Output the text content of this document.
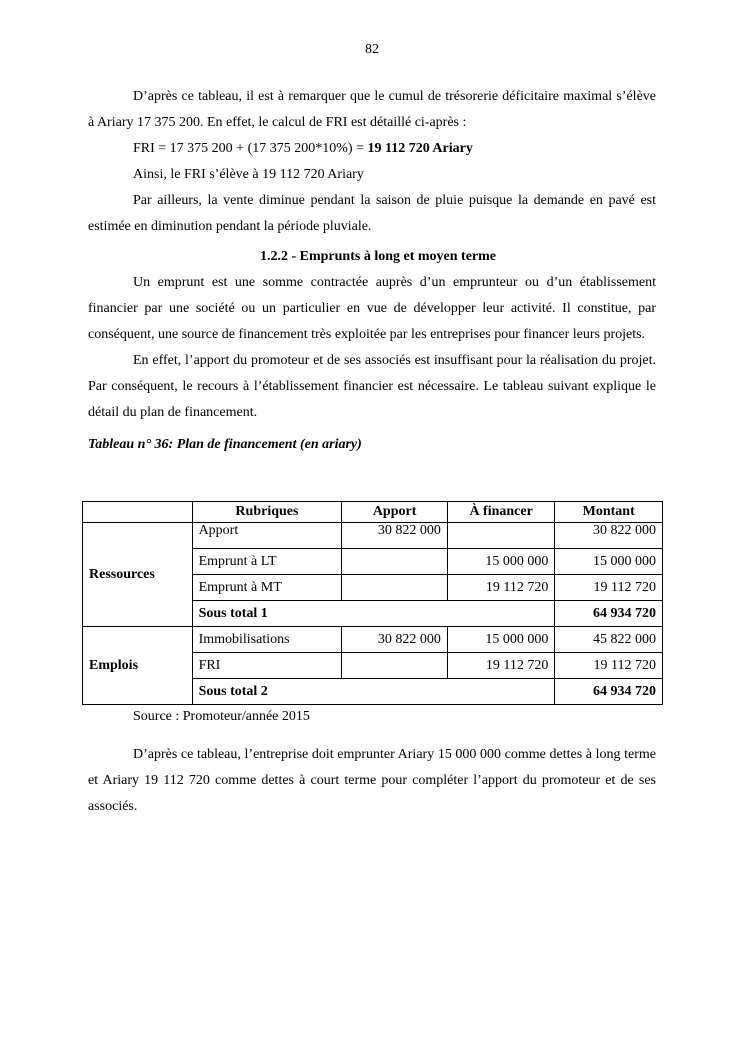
82

D’après ce tableau, il est à remarquer que le cumul de trésorerie déficitaire maximal s’élève à Ariary 17 375 200. En effet, le calcul de FRI est détaillé ci-après :

FRI = 17 375 200 + (17 375 200*10%) = 19 112 720 Ariary

Ainsi, le FRI s’élève à 19 112 720 Ariary

Par ailleurs, la vente diminue pendant la saison de pluie puisque la demande en pavé est estimée en diminution pendant la période pluviale.

1.2.2 - Emprunts à long et moyen terme

Un emprunt est une somme contractée auprès d’un emprunteur ou d’un établissement financier par une société ou un particulier en vue de développer leur activité. Il constitue, par conséquent, une source de financement très exploitée par les entreprises pour financer leurs projets.

En effet, l’apport du promoteur et de ses associés est insuffisant pour la réalisation du projet. Par conséquent, le recours à l’établissement financier est nécessaire. Le tableau suivant explique le détail du plan de financement.

Tableau n° 36: Plan de financement (en ariary)
	Rubriques	Apport	À financer	Montant
Ressources	Apport	30 822 000		30 822 000
	Emprunt à LT		15 000 000	15 000 000
	Emprunt à MT		19 112 720	19 112 720
	Sous total 1			64 934 720
Emplois	Immobilisations	30 822 000	15 000 000	45 822 000
	FRI		19 112 720	19 112 720
	Sous total 2			64 934 720
Source : Promoteur/année 2015

D’après ce tableau, l’entreprise doit emprunter Ariary 15 000 000 comme dettes à long terme et Ariary 19 112 720 comme dettes à court terme pour compléter l’apport du promoteur et de ses associés.
